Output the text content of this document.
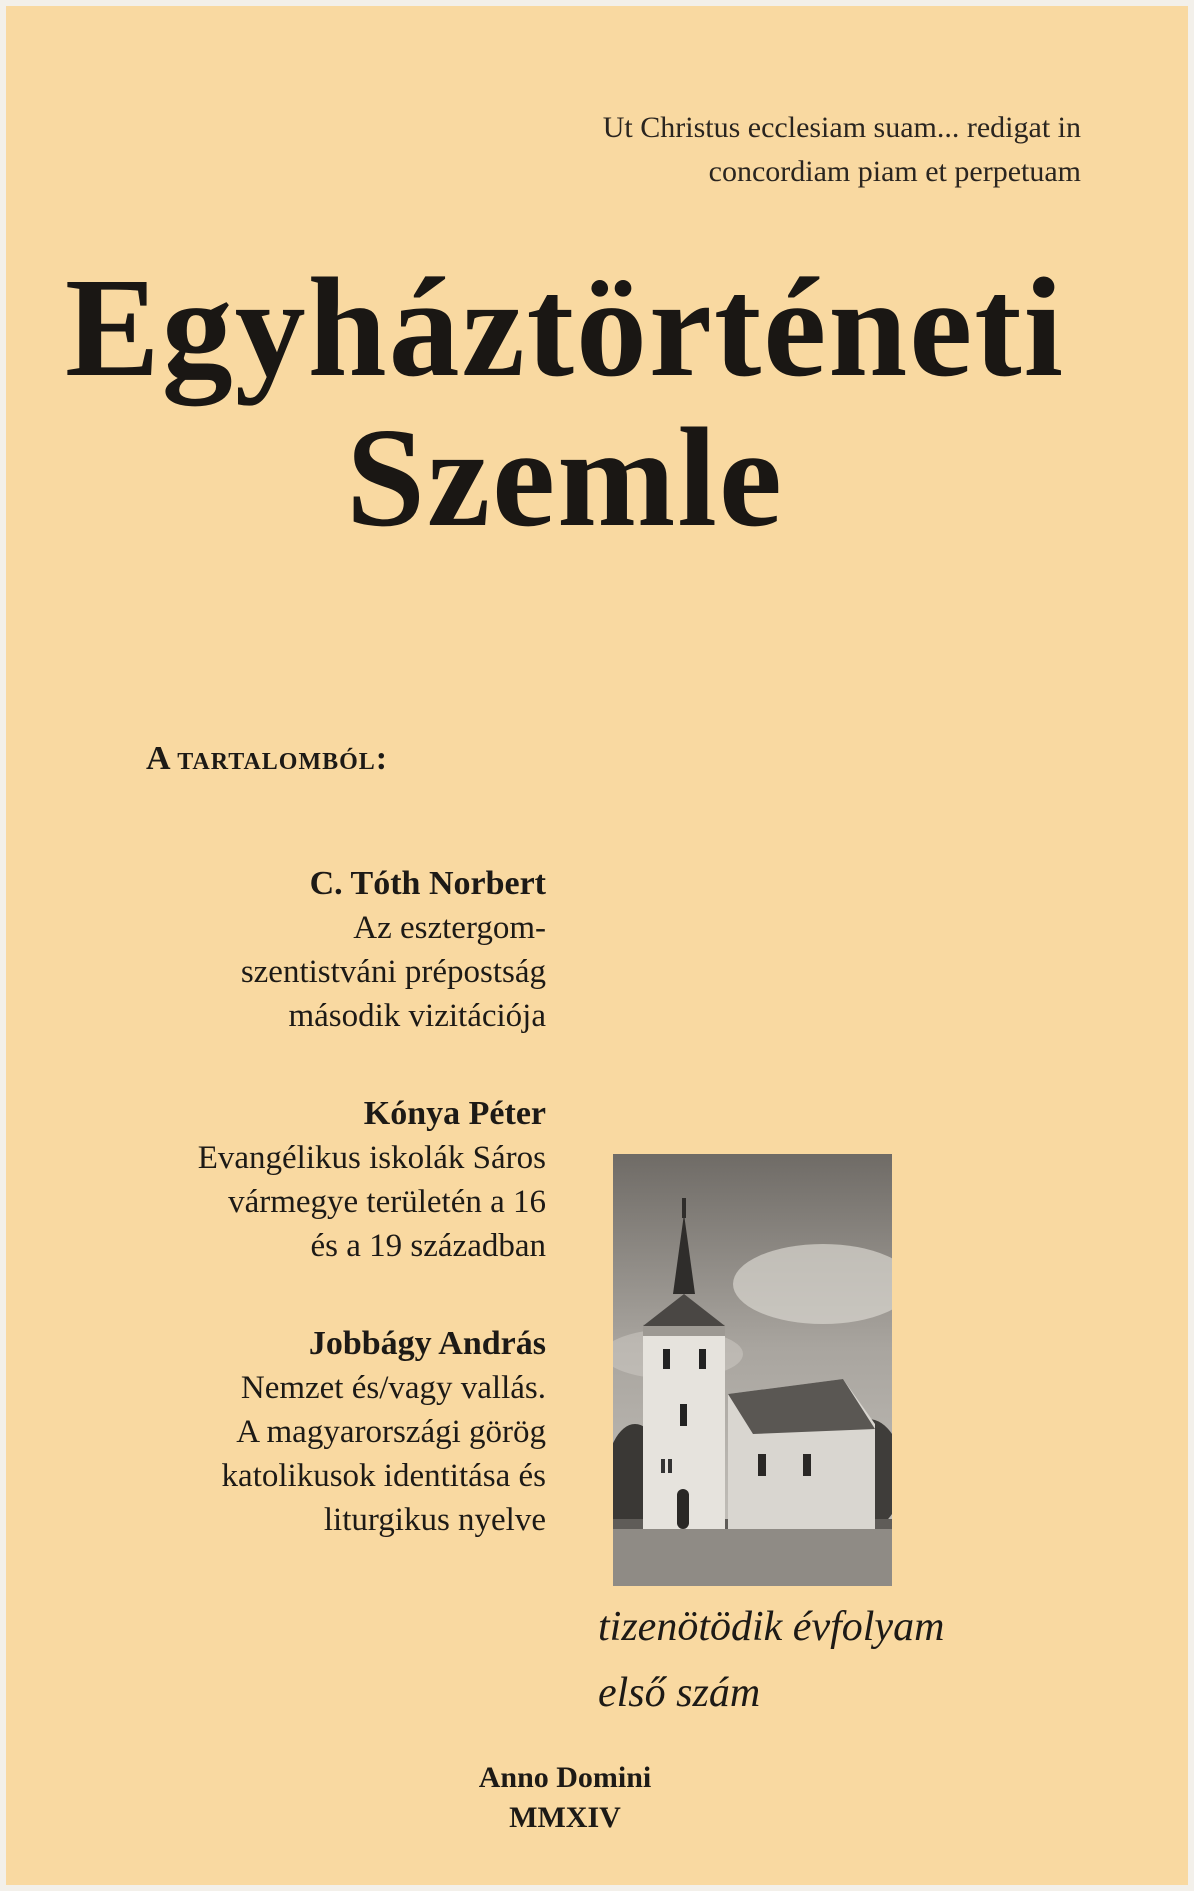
Ut Christus ecclesiam suam... redigat in
concordiam piam et perpetuam
Egyháztörténeti
Szemle
A tartalomból:
C. Tóth Norbert
Az esztergom-
szentistváni prépostság
második vizitációja
Kónya Péter
Evangélikus iskolák Sáros
vármegye területén a 16
és a 19 században
Jobbágy András
Nemzet és/vagy vallás.
A magyarországi görög
katolikusok identitása és
liturgikus nyelve
tizenötödik évfolyam
első szám
Anno Domini
MMXIV
